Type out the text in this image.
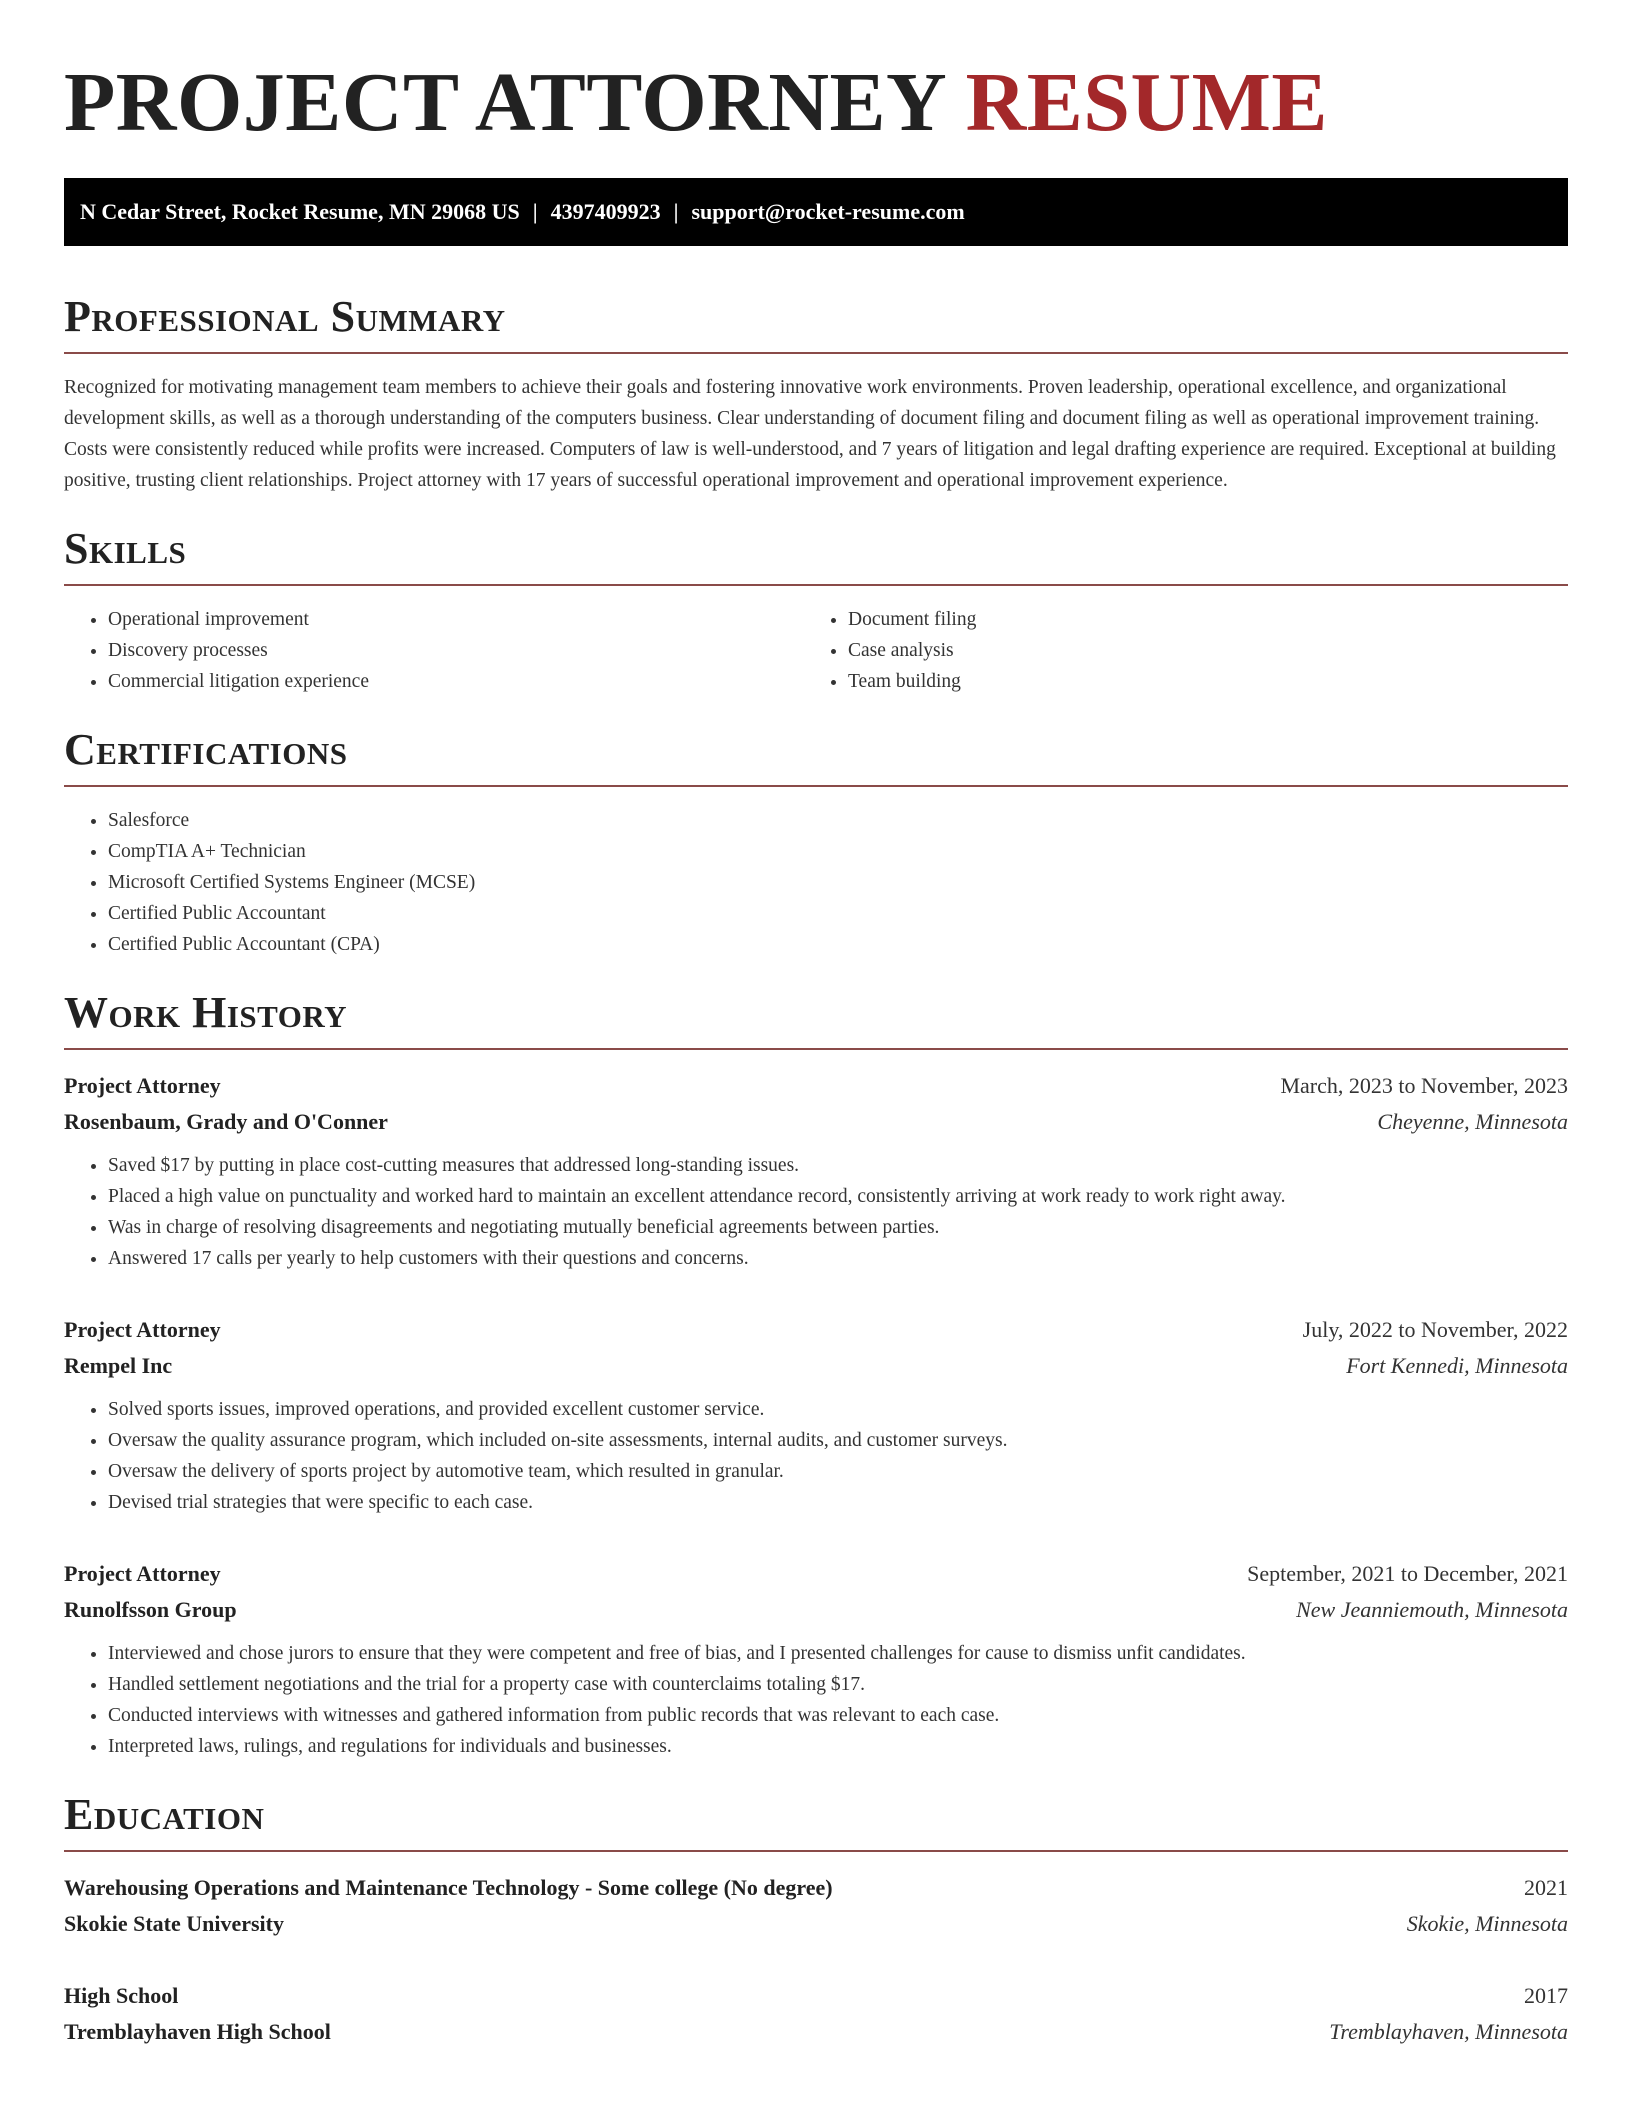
PROJECT ATTORNEY RESUME
N Cedar Street, Rocket Resume, MN 29068 US | 4397409923 | support@rocket-resume.com
Professional Summary

Recognized for motivating management team members to achieve their goals and fostering innovative work environments. Proven leadership, operational excellence, and organizational development skills, as well as a thorough understanding of the computers business. Clear understanding of document filing and document filing as well as operational improvement training. Costs were consistently reduced while profits were increased. Computers of law is well-understood, and 7 years of litigation and legal drafting experience are required. Exceptional at building positive, trusting client relationships. Project attorney with 17 years of successful operational improvement and operational improvement experience.

Skills
• Operational improvement
• Discovery processes
• Commercial litigation experience
• Document filing
• Case analysis
• Team building
Certifications
• Salesforce
• CompTIA A+ Technician
• Microsoft Certified Systems Engineer (MCSE)
• Certified Public Accountant
• Certified Public Accountant (CPA)
Work History
Project Attorney	March, 2023 to November, 2023
Rosenbaum, Grady and O'Conner	Cheyenne, Minnesota
• Saved $17 by putting in place cost-cutting measures that addressed long-standing issues.
• Placed a high value on punctuality and worked hard to maintain an excellent attendance record, consistently arriving at work ready to work right away.
• Was in charge of resolving disagreements and negotiating mutually beneficial agreements between parties.
• Answered 17 calls per yearly to help customers with their questions and concerns.
Project Attorney	July, 2022 to November, 2022
Rempel Inc	Fort Kennedi, Minnesota
• Solved sports issues, improved operations, and provided excellent customer service.
• Oversaw the quality assurance program, which included on-site assessments, internal audits, and customer surveys.
• Oversaw the delivery of sports project by automotive team, which resulted in granular.
• Devised trial strategies that were specific to each case.
Project Attorney	September, 2021 to December, 2021
Runolfsson Group	New Jeanniemouth, Minnesota
• Interviewed and chose jurors to ensure that they were competent and free of bias, and I presented challenges for cause to dismiss unfit candidates.
• Handled settlement negotiations and the trial for a property case with counterclaims totaling $17.
• Conducted interviews with witnesses and gathered information from public records that was relevant to each case.
• Interpreted laws, rulings, and regulations for individuals and businesses.
Education
Warehousing Operations and Maintenance Technology - Some college (No degree)	2021
Skokie State University	Skokie, Minnesota
High School	2017
Tremblayhaven High School	Tremblayhaven, Minnesota
